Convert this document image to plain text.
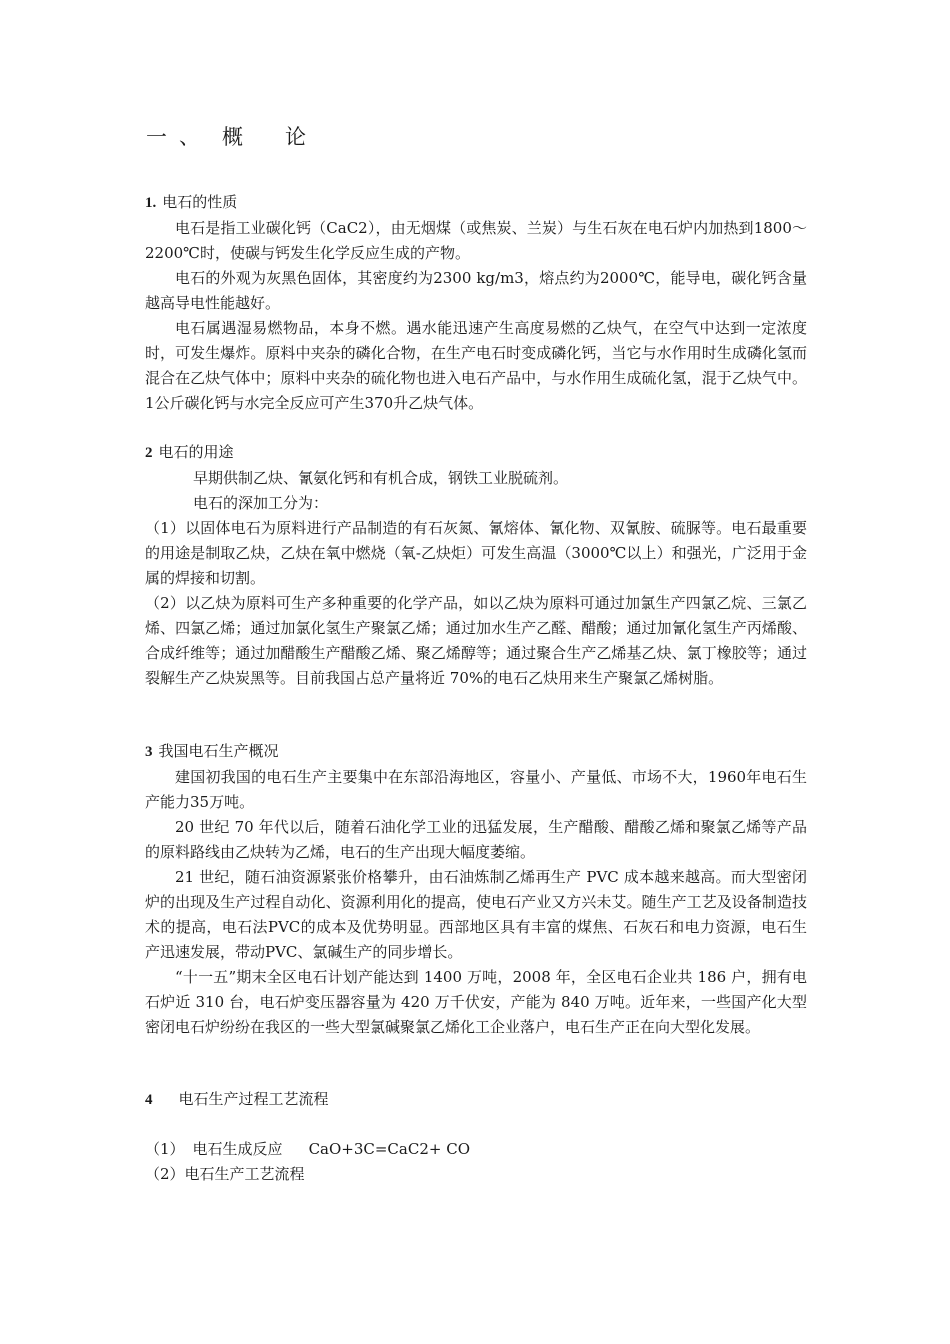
一 、 概 论
1. 电石的性质
电石是指工业碳化钙（CaC2），由无烟煤（或焦炭、兰炭）与生石灰在电石炉内加热到1800～2200℃时，使碳与钙发生化学反应生成的产物。
电石的外观为灰黑色固体，其密度约为2300 kg/m3，熔点约为2000℃，能导电，碳化钙含量越高导电性能越好。
电石属遇湿易燃物品，本身不燃。遇水能迅速产生高度易燃的乙炔气，在空气中达到一定浓度时，可发生爆炸。原料中夹杂的磷化合物，在生产电石时变成磷化钙，当它与水作用时生成磷化氢而混合在乙炔气体中；原料中夹杂的硫化物也进入电石产品中，与水作用生成硫化氢，混于乙炔气中。 1公斤碳化钙与水完全反应可产生370升乙炔气体。
2 电石的用途
早期供制乙炔、氰氨化钙和有机合成，钢铁工业脱硫剂。
电石的深加工分为：
（1）以固体电石为原料进行产品制造的有石灰氮、氰熔体、氰化物、双氰胺、硫脲等。电石最重要的用途是制取乙炔，乙炔在氧中燃烧（氧-乙炔炬）可发生高温（3000℃以上）和强光，广泛用于金属的焊接和切割。
（2）以乙炔为原料可生产多种重要的化学产品，如以乙炔为原料可通过加氯生产四氯乙烷、三氯乙烯、四氯乙烯；通过加氯化氢生产聚氯乙烯；通过加水生产乙醛、醋酸；通过加氰化氢生产丙烯酸、合成纤维等；通过加醋酸生产醋酸乙烯、聚乙烯醇等；通过聚合生产乙烯基乙炔、氯丁橡胶等；通过裂解生产乙炔炭黑等。目前我国占总产量将近 70%的电石乙炔用来生产聚氯乙烯树脂。
3 我国电石生产概况
建国初我国的电石生产主要集中在东部沿海地区，容量小、产量低、市场不大，1960年电石生产能力35万吨。
20 世纪 70 年代以后，随着石油化学工业的迅猛发展，生产醋酸、醋酸乙烯和聚氯乙烯等产品的原料路线由乙炔转为乙烯，电石的生产出现大幅度萎缩。
21 世纪，随石油资源紧张价格攀升，由石油炼制乙烯再生产 PVC 成本越来越高。而大型密闭炉的出现及生产过程自动化、资源利用化的提高，使电石产业又方兴未艾。随生产工艺及设备制造技术的提高，电石法PVC的成本及优势明显。西部地区具有丰富的煤焦、石灰石和电力资源，电石生产迅速发展，带动PVC、氯碱生产的同步增长。
“十一五”期末全区电石计划产能达到 1400 万吨，2008 年，全区电石企业共 186 户，拥有电石炉近 310 台，电石炉变压器容量为 420 万千伏安，产能为 840 万吨。近年来，一些国产化大型密闭电石炉纷纷在我区的一些大型氯碱聚氯乙烯化工企业落户，电石生产正在向大型化发展。
4 电石生产过程工艺流程
（1） 电石生成反应 CaO+3C=CaC2+ CO
（2）电石生产工艺流程
